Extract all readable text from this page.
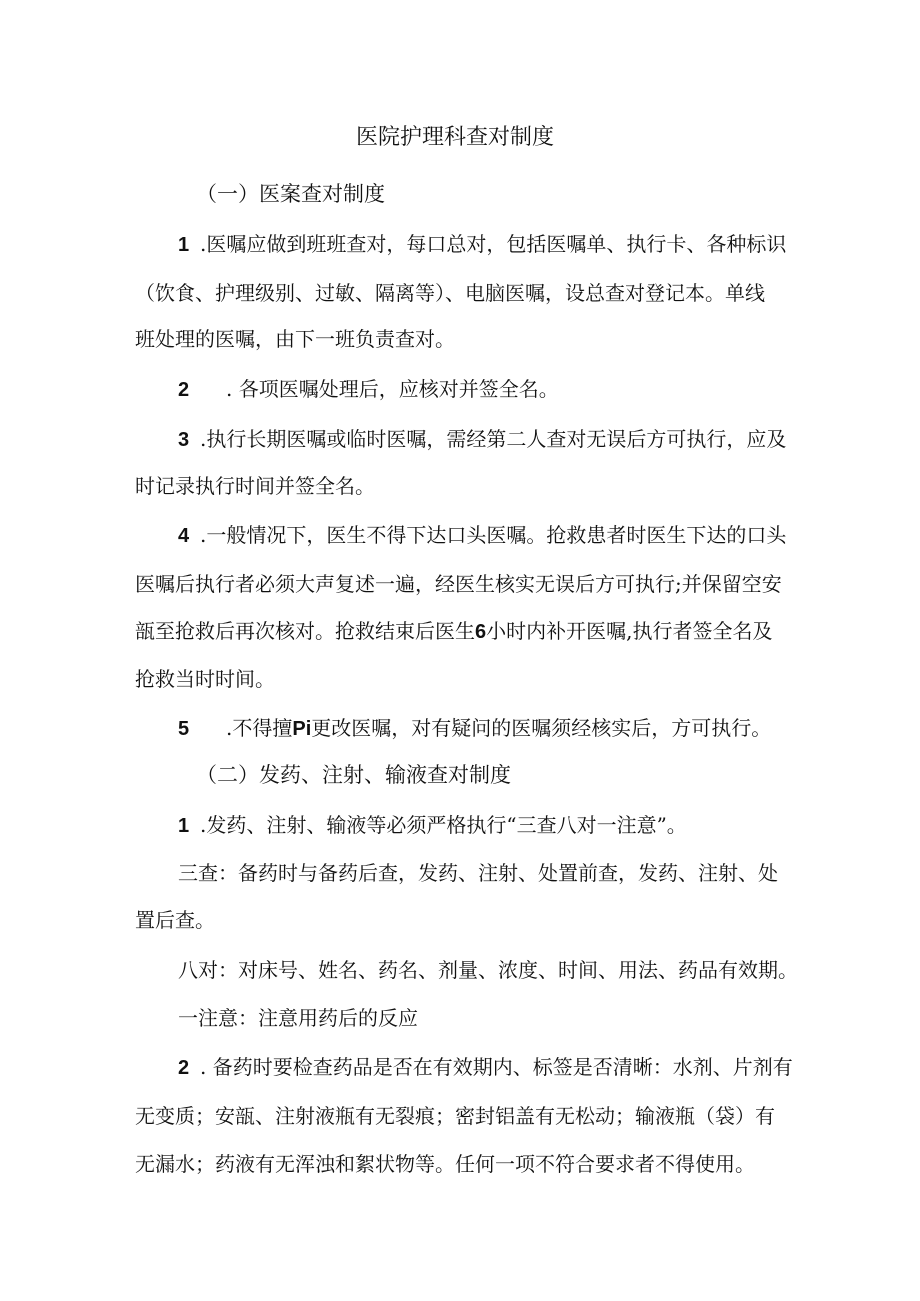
医院护理科查对制度
（一）医案查对制度
1 .医嘱应做到班班查对，每口总对，包括医嘱单、执行卡、各种标识
（饮食、护理级别、过敏、隔离等）、电脑医嘱，设总查对登记本。单线
班处理的医嘱，由下一班负责查对。
2 . 各项医嘱处理后，应核对并签全名。
3 .执行长期医嘱或临时医嘱，需经第二人查对无误后方可执行，应及
时记录执行时间并签全名。
4 .一般情况下，医生不得下达口头医嘱。抢救患者时医生下达的口头
医嘱后执行者必须大声复述一遍，经医生核实无误后方可执行;并保留空安
瓿至抢救后再次核对。抢救结束后医生6小时内补开医嘱,执行者签全名及
抢救当时时间。
5 .不得擅Pi更改医嘱，对有疑问的医嘱须经核实后，方可执行。
（二）发药、注射、输液查对制度
1 .发药、注射、输液等必须严格执行“三查八对一注意”。
三查：备药时与备药后查，发药、注射、处置前查，发药、注射、处
置后查。
八对：对床号、姓名、药名、剂量、浓度、时间、用法、药品有效期。
一注意：注意用药后的反应
2 . 备药时要检查药品是否在有效期内、标签是否清晰：水剂、片剂有
无变质；安瓿、注射液瓶有无裂痕；密封铝盖有无松动；输液瓶（袋）有
无漏水；药液有无浑浊和絮状物等。任何一项不符合要求者不得使用。
